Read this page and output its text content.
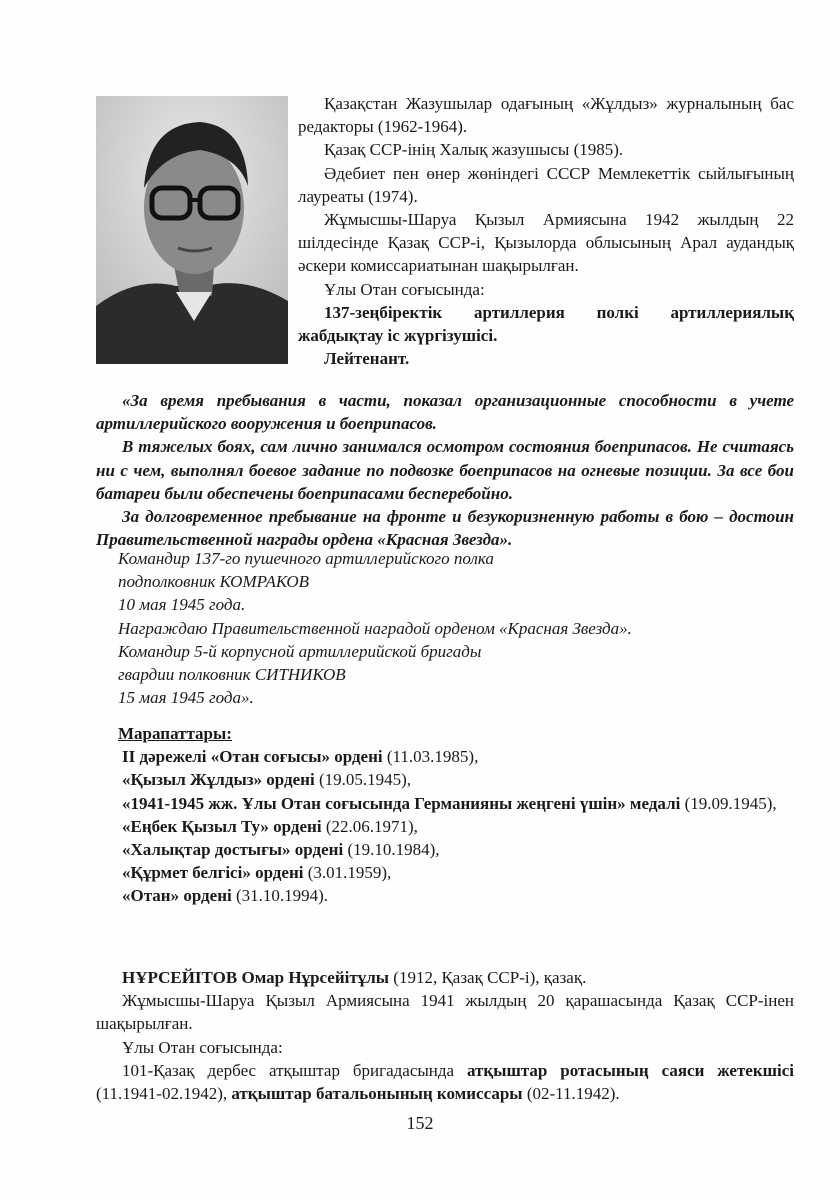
Қазақстан Жазушылар одағының «Жұлдыз» журналының бас редакторы (1962-1964).

Қазақ ССР-інің Халық жазушысы (1985).

Әдебиет пен өнер жөніндегі СССР Мемлекеттік сыйлығының лауреаты (1974).

Жұмысшы-Шаруа Қызыл Армиясына 1942 жылдың 22 шілдесінде Қазақ ССР-і, Қызылорда облысының Арал аудандық әскери комиссариатынан шақырылған.

Ұлы Отан соғысында:

137-зеңбіректік артиллерия полкі артиллериялық жабдықтау іс жүргізушісі.

Лейтенант.

«За время пребывания в части, показал организационные способности в учете артиллерийского вооружения и боеприпасов.

В тяжелых боях, сам лично занимался осмотром состояния боеприпасов. Не считаясь ни с чем, выполнял боевое задание по подвозке боеприпасов на огневые позиции. За все бои батареи были обеспечены боеприпасами бесперебойно.

За долговременное пребывание на фронте и безукоризненную работы в бою – достоин Правительственной награды ордена «Красная Звезда».

Командир 137-го пушечного артиллерийского полка
подполковник КОМРАКОВ
10 мая 1945 года.
Награждаю Правительственной наградой орденом «Красная Звезда».
Командир 5-й корпусной артиллерийской бригады
гвардии полковник СИТНИКОВ
15 мая 1945 года».
Марапаттары:

ІІ дәрежелі «Отан соғысы» ордені (11.03.1985),

«Қызыл Жұлдыз» ордені (19.05.1945),

«1941-1945 жж. Ұлы Отан соғысында Германияны жеңгені үшін» медалі (19.09.1945),

«Еңбек Қызыл Ту» ордені (22.06.1971),

«Халықтар достығы» ордені (19.10.1984),

«Құрмет белгісі» ордені (3.01.1959),

«Отан» ордені (31.10.1994).

НҰРСЕЙІТОВ Омар Нұрсейітұлы (1912, Қазақ ССР-і), қазақ.

Жұмысшы-Шаруа Қызыл Армиясына 1941 жылдың 20 қарашасында Қазақ ССР-інен шақырылған.

Ұлы Отан соғысында:

101-Қазақ дербес атқыштар бригадасында атқыштар ротасының саяси жетекшісі (11.1941-02.1942), атқыштар батальонының комиссары (02-11.1942).

152
